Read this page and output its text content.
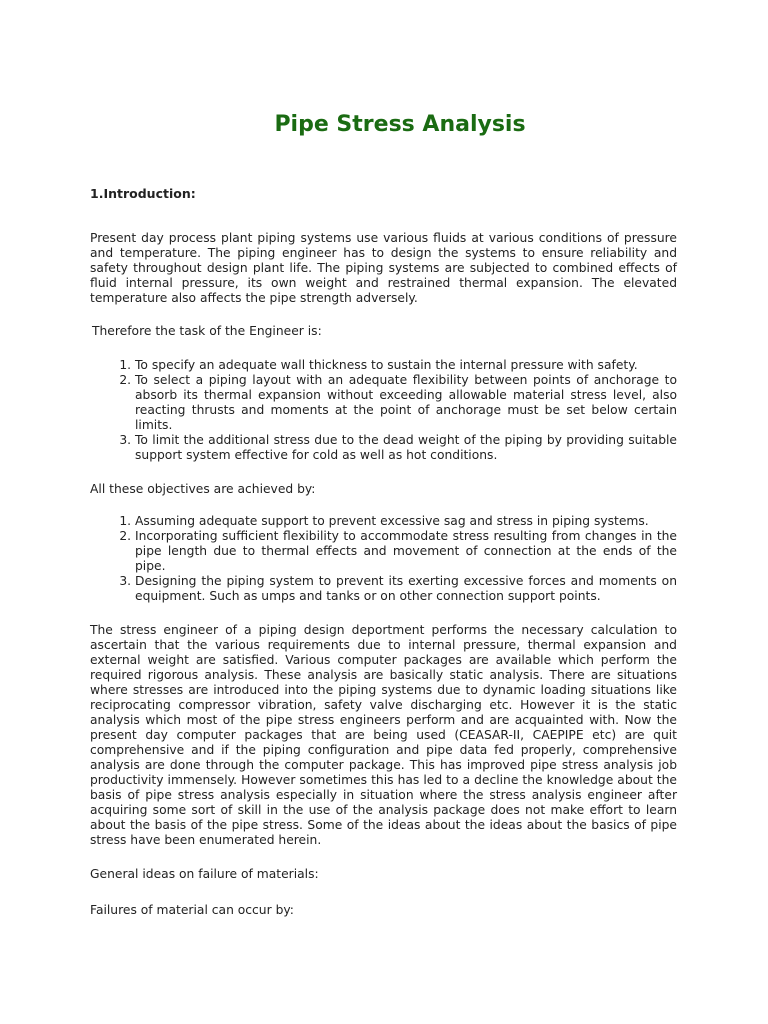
Pipe Stress Analysis

1.Introduction:

Present day process plant piping systems use various fluids at various conditions of pressure and temperature. The piping engineer has to design the systems to ensure reliability and safety throughout design plant life. The piping systems are subjected to combined effects of fluid internal pressure, its own weight and restrained thermal expansion. The elevated temperature also affects the pipe strength adversely.

Therefore the task of the Engineer is:

1. To specify an adequate wall thickness to sustain the internal pressure with safety.
2. To select a piping layout with an adequate flexibility between points of anchorage to absorb its thermal expansion without exceeding allowable material stress level, also reacting thrusts and moments at the point of anchorage must be set below certain limits.
3. To limit the additional stress due to the dead weight of the piping by providing suitable support system effective for cold as well as hot conditions.

All these objectives are achieved by:

1. Assuming adequate support to prevent excessive sag and stress in piping systems.
2. Incorporating sufficient flexibility to accommodate stress resulting from changes in the pipe length due to thermal effects and movement of connection at the ends of the pipe.
3. Designing the piping system to prevent its exerting excessive forces and moments on equipment. Such as umps and tanks or on other connection support points.

The stress engineer of a piping design deportment performs the necessary calculation to ascertain that the various requirements due to internal pressure, thermal expansion and external weight are satisfied. Various computer packages are available which perform the required rigorous analysis. These analysis are basically static analysis. There are situations where stresses are introduced into the piping systems due to dynamic loading situations like reciprocating compressor vibration, safety valve discharging etc. However it is the static analysis which most of the pipe stress engineers perform and are acquainted with. Now the present day computer packages that are being used (CEASAR-II, CAEPIPE etc) are quit comprehensive and if the piping configuration and pipe data fed properly, comprehensive analysis are done through the computer package. This has improved pipe stress analysis job productivity immensely. However sometimes this has led to a decline the knowledge about the basis of pipe stress analysis especially in situation where the stress analysis engineer after acquiring some sort of skill in the use of the analysis package does not make effort to learn about the basis of the pipe stress. Some of the ideas about the ideas about the basics of pipe stress have been enumerated herein.

General ideas on failure of materials:

Failures of material can occur by:
